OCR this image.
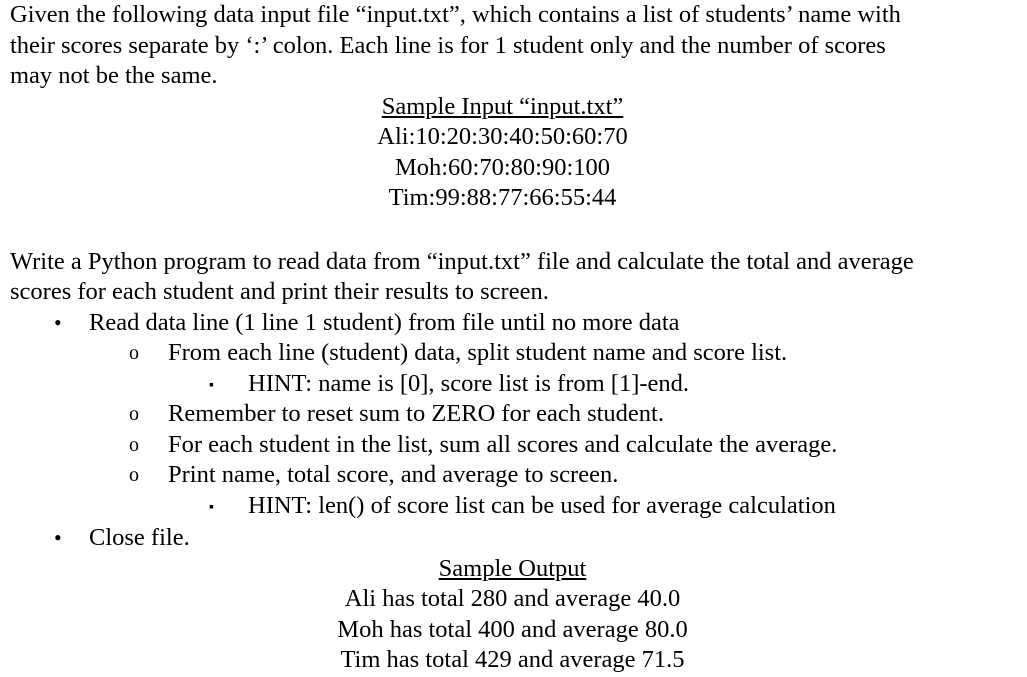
Given the following data input file “input.txt”, which contains a list of students’ name with
their scores separate by ‘:’ colon. Each line is for 1 student only and the number of scores
may not be the same.
Sample Input “input.txt”
Ali:10:20:30:40:50:60:70
Moh:60:70:80:90:100
Tim:99:88:77:66:55:44
Write a Python program to read data from “input.txt” file and calculate the total and average
scores for each student and print their results to screen.
• Read data line (1 line 1 student) from file until no more data
o From each line (student) data, split student name and score list.
▪ HINT: name is [0], score list is from [1]-end.
o Remember to reset sum to ZERO for each student.
o For each student in the list, sum all scores and calculate the average.
o Print name, total score, and average to screen.
▪ HINT: len() of score list can be used for average calculation
• Close file.
Sample Output
Ali has total 280 and average 40.0
Moh has total 400 and average 80.0
Tim has total 429 and average 71.5
